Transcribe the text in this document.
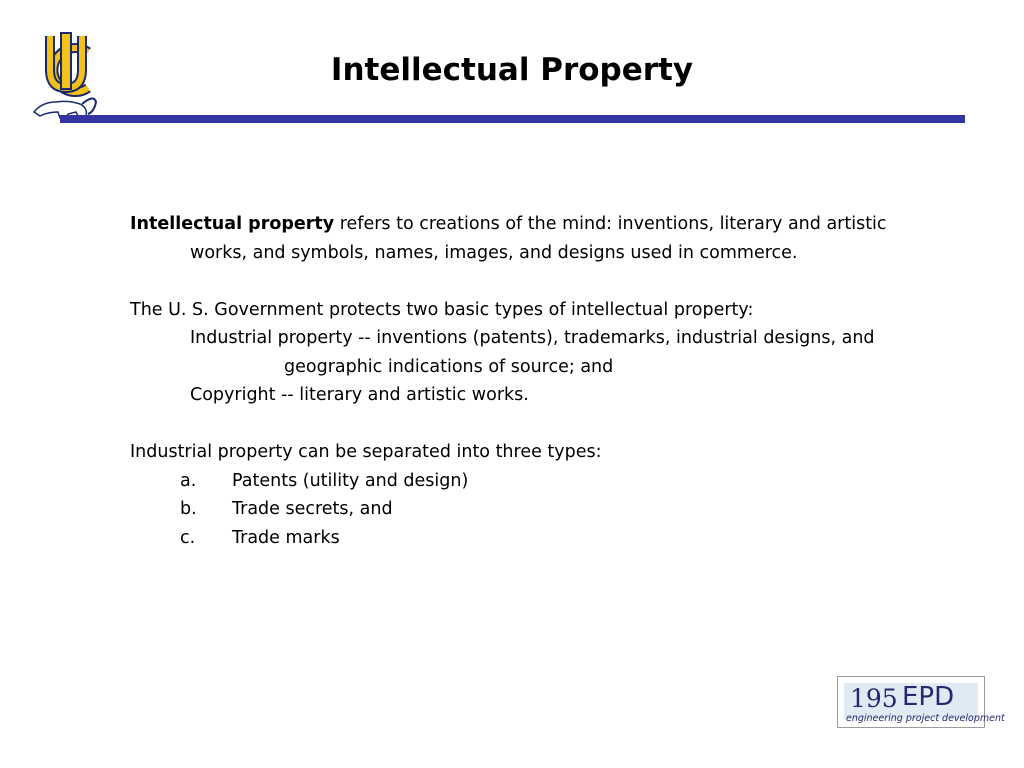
Intellectual Property

Intellectual property refers to creations of the mind: inventions, literary and artistic works, and symbols, names, images, and designs used in commerce.

The U. S. Government protects two basic types of intellectual property:

Industrial property -- inventions (patents), trademarks, industrial designs, and

geographic indications of source; and

Copyright -- literary and artistic works.

Industrial property can be separated into three types:

a.	Patents (utility and design)
b.	Trade secrets, and
c.	Trade marks
195 EPD
engineering project development
